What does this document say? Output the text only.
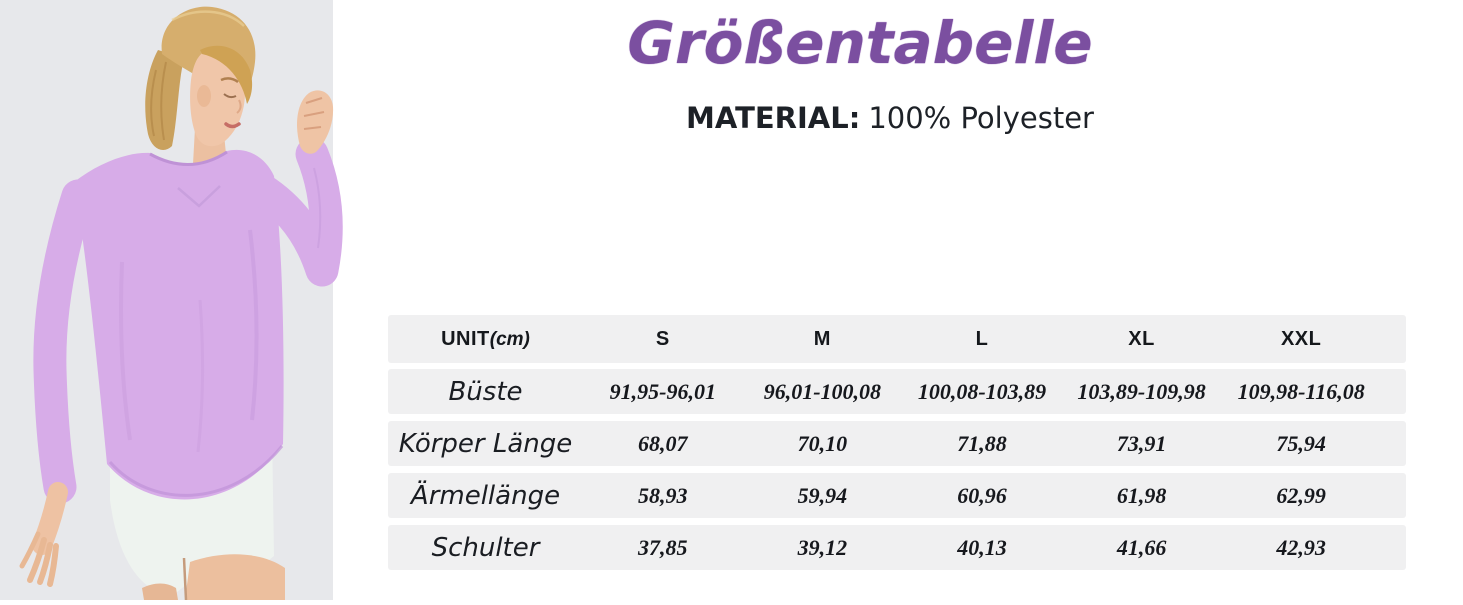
Größentabelle
MATERIAL: 100% Polyester
UNIT(cm)	S	M	L	XL	XXL
Büste	91,95-96,01	96,01-100,08	100,08-103,89	103,89-109,98	109,98-116,08
Körper Länge	68,07	70,10	71,88	73,91	75,94
Ärmellänge	58,93	59,94	60,96	61,98	62,99
Schulter	37,85	39,12	40,13	41,66	42,93
